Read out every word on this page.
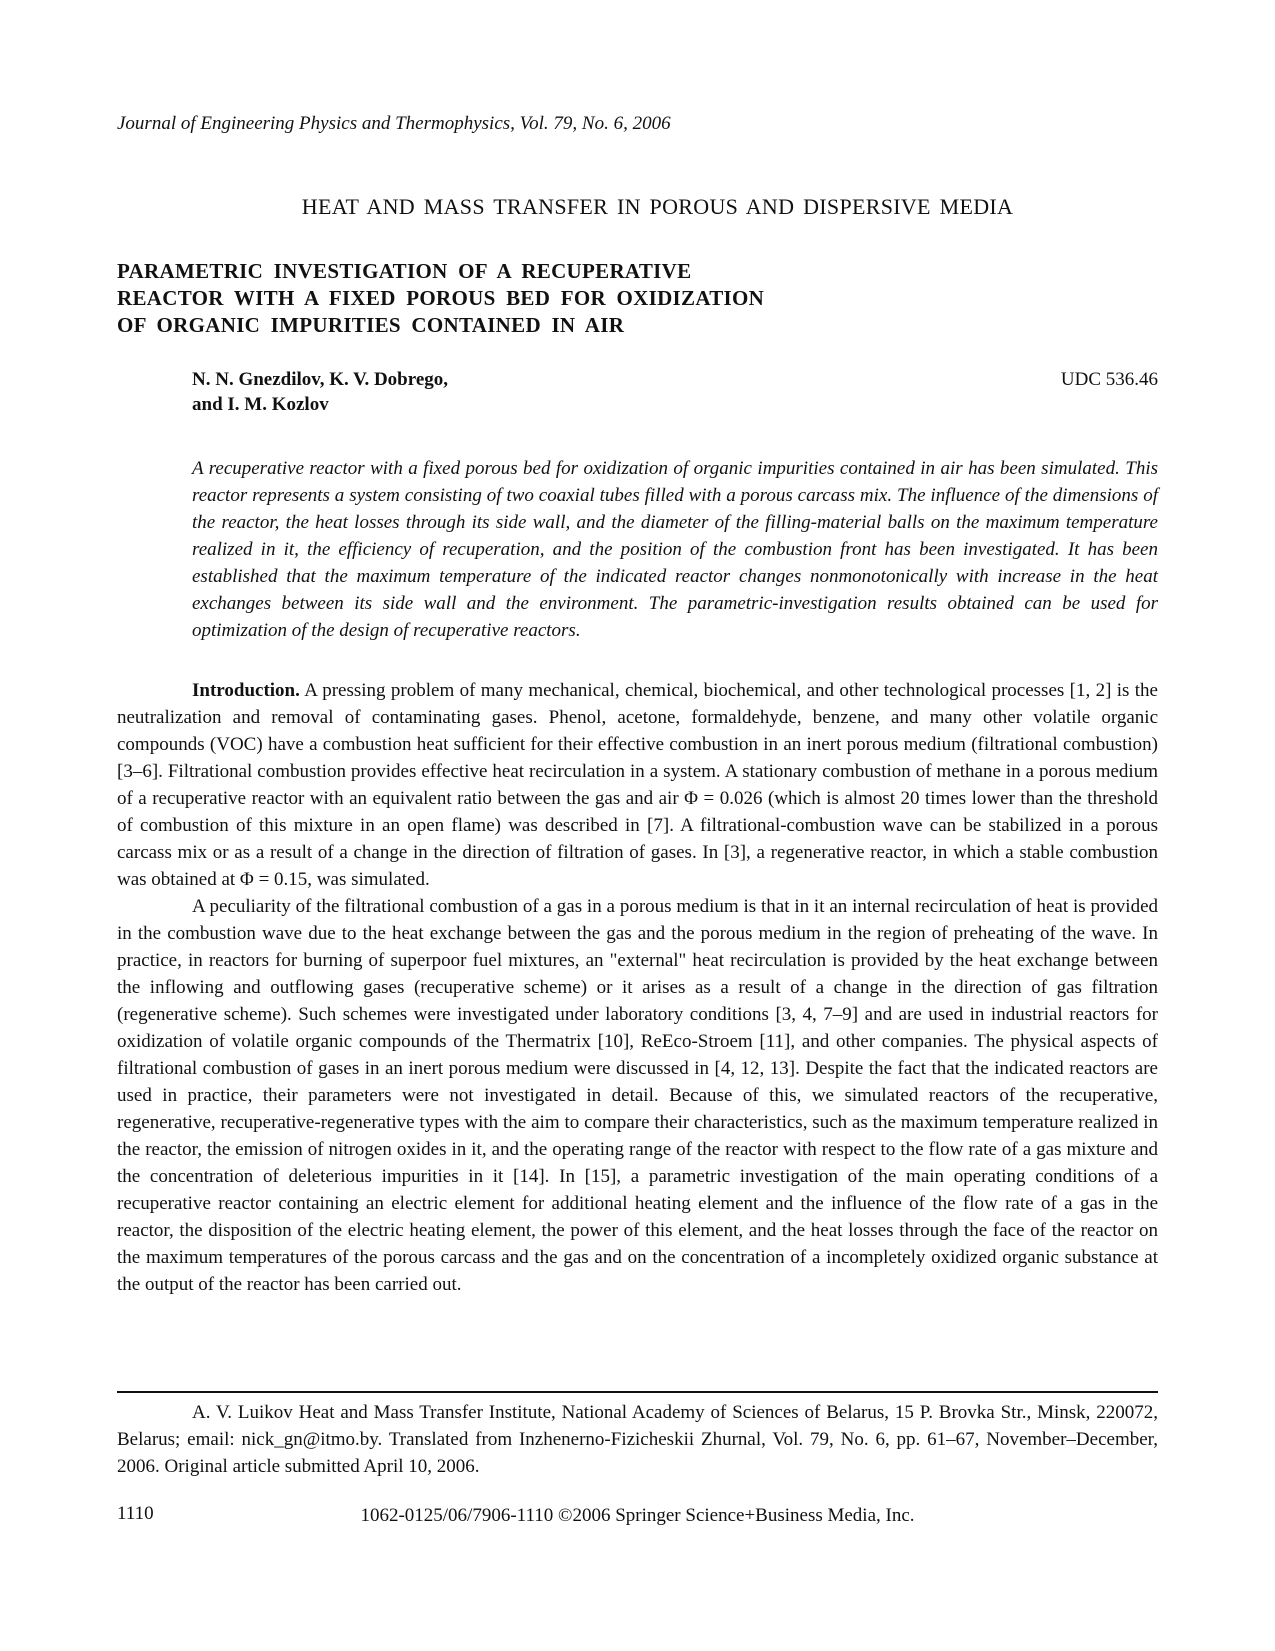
Journal of Engineering Physics and Thermophysics, Vol. 79, No. 6, 2006
HEAT AND MASS TRANSFER IN POROUS AND DISPERSIVE MEDIA
PARAMETRIC INVESTIGATION OF A RECUPERATIVE
REACTOR WITH A FIXED POROUS BED FOR OXIDIZATION
OF ORGANIC IMPURITIES CONTAINED IN AIR
N. N. Gnezdilov, K. V. Dobrego,
and I. M. Kozlov
UDC 536.46

A recuperative reactor with a fixed porous bed for oxidization of organic impurities contained in air has been simulated. This reactor represents a system consisting of two coaxial tubes filled with a porous carcass mix. The influence of the dimensions of the reactor, the heat losses through its side wall, and the diameter of the filling-material balls on the maximum temperature realized in it, the efficiency of recuperation, and the position of the combustion front has been investigated. It has been established that the maximum temperature of the indicated reactor changes nonmonotonically with increase in the heat exchanges between its side wall and the environment. The parametric-investigation results obtained can be used for optimization of the design of recuperative reactors.

Introduction. A pressing problem of many mechanical, chemical, biochemical, and other technological processes [1, 2] is the neutralization and removal of contaminating gases. Phenol, acetone, formaldehyde, benzene, and many other volatile organic compounds (VOC) have a combustion heat sufficient for their effective combustion in an inert porous medium (filtrational combustion) [3–6]. Filtrational combustion provides effective heat recirculation in a system. A stationary combustion of methane in a porous medium of a recuperative reactor with an equivalent ratio between the gas and air Φ = 0.026 (which is almost 20 times lower than the threshold of combustion of this mixture in an open flame) was described in [7]. A filtrational-combustion wave can be stabilized in a porous carcass mix or as a result of a change in the direction of filtration of gases. In [3], a regenerative reactor, in which a stable combustion was obtained at Φ = 0.15, was simulated.

A peculiarity of the filtrational combustion of a gas in a porous medium is that in it an internal recirculation of heat is provided in the combustion wave due to the heat exchange between the gas and the porous medium in the region of preheating of the wave. In practice, in reactors for burning of superpoor fuel mixtures, an "external" heat recirculation is provided by the heat exchange between the inflowing and outflowing gases (recuperative scheme) or it arises as a result of a change in the direction of gas filtration (regenerative scheme). Such schemes were investigated under laboratory conditions [3, 4, 7–9] and are used in industrial reactors for oxidization of volatile organic compounds of the Thermatrix [10], ReEco-Stroem [11], and other companies. The physical aspects of filtrational combustion of gases in an inert porous medium were discussed in [4, 12, 13]. Despite the fact that the indicated reactors are used in practice, their parameters were not investigated in detail. Because of this, we simulated reactors of the recuperative, regenerative, recuperative-regenerative types with the aim to compare their characteristics, such as the maximum temperature realized in the reactor, the emission of nitrogen oxides in it, and the operating range of the reactor with respect to the flow rate of a gas mixture and the concentration of deleterious impurities in it [14]. In [15], a parametric investigation of the main operating conditions of a recuperative reactor containing an electric element for additional heating element and the influence of the flow rate of a gas in the reactor, the disposition of the electric heating element, the power of this element, and the heat losses through the face of the reactor on the maximum temperatures of the porous carcass and the gas and on the concentration of a incompletely oxidized organic substance at the output of the reactor has been carried out.

A. V. Luikov Heat and Mass Transfer Institute, National Academy of Sciences of Belarus, 15 P. Brovka Str., Minsk, 220072, Belarus; email: nick_gn@itmo.by. Translated from Inzhenerno-Fizicheskii Zhurnal, Vol. 79, No. 6, pp. 61–67, November–December, 2006. Original article submitted April 10, 2006.

1110	1062-0125/06/7906-1110 ©2006 Springer Science+Business Media, Inc.
